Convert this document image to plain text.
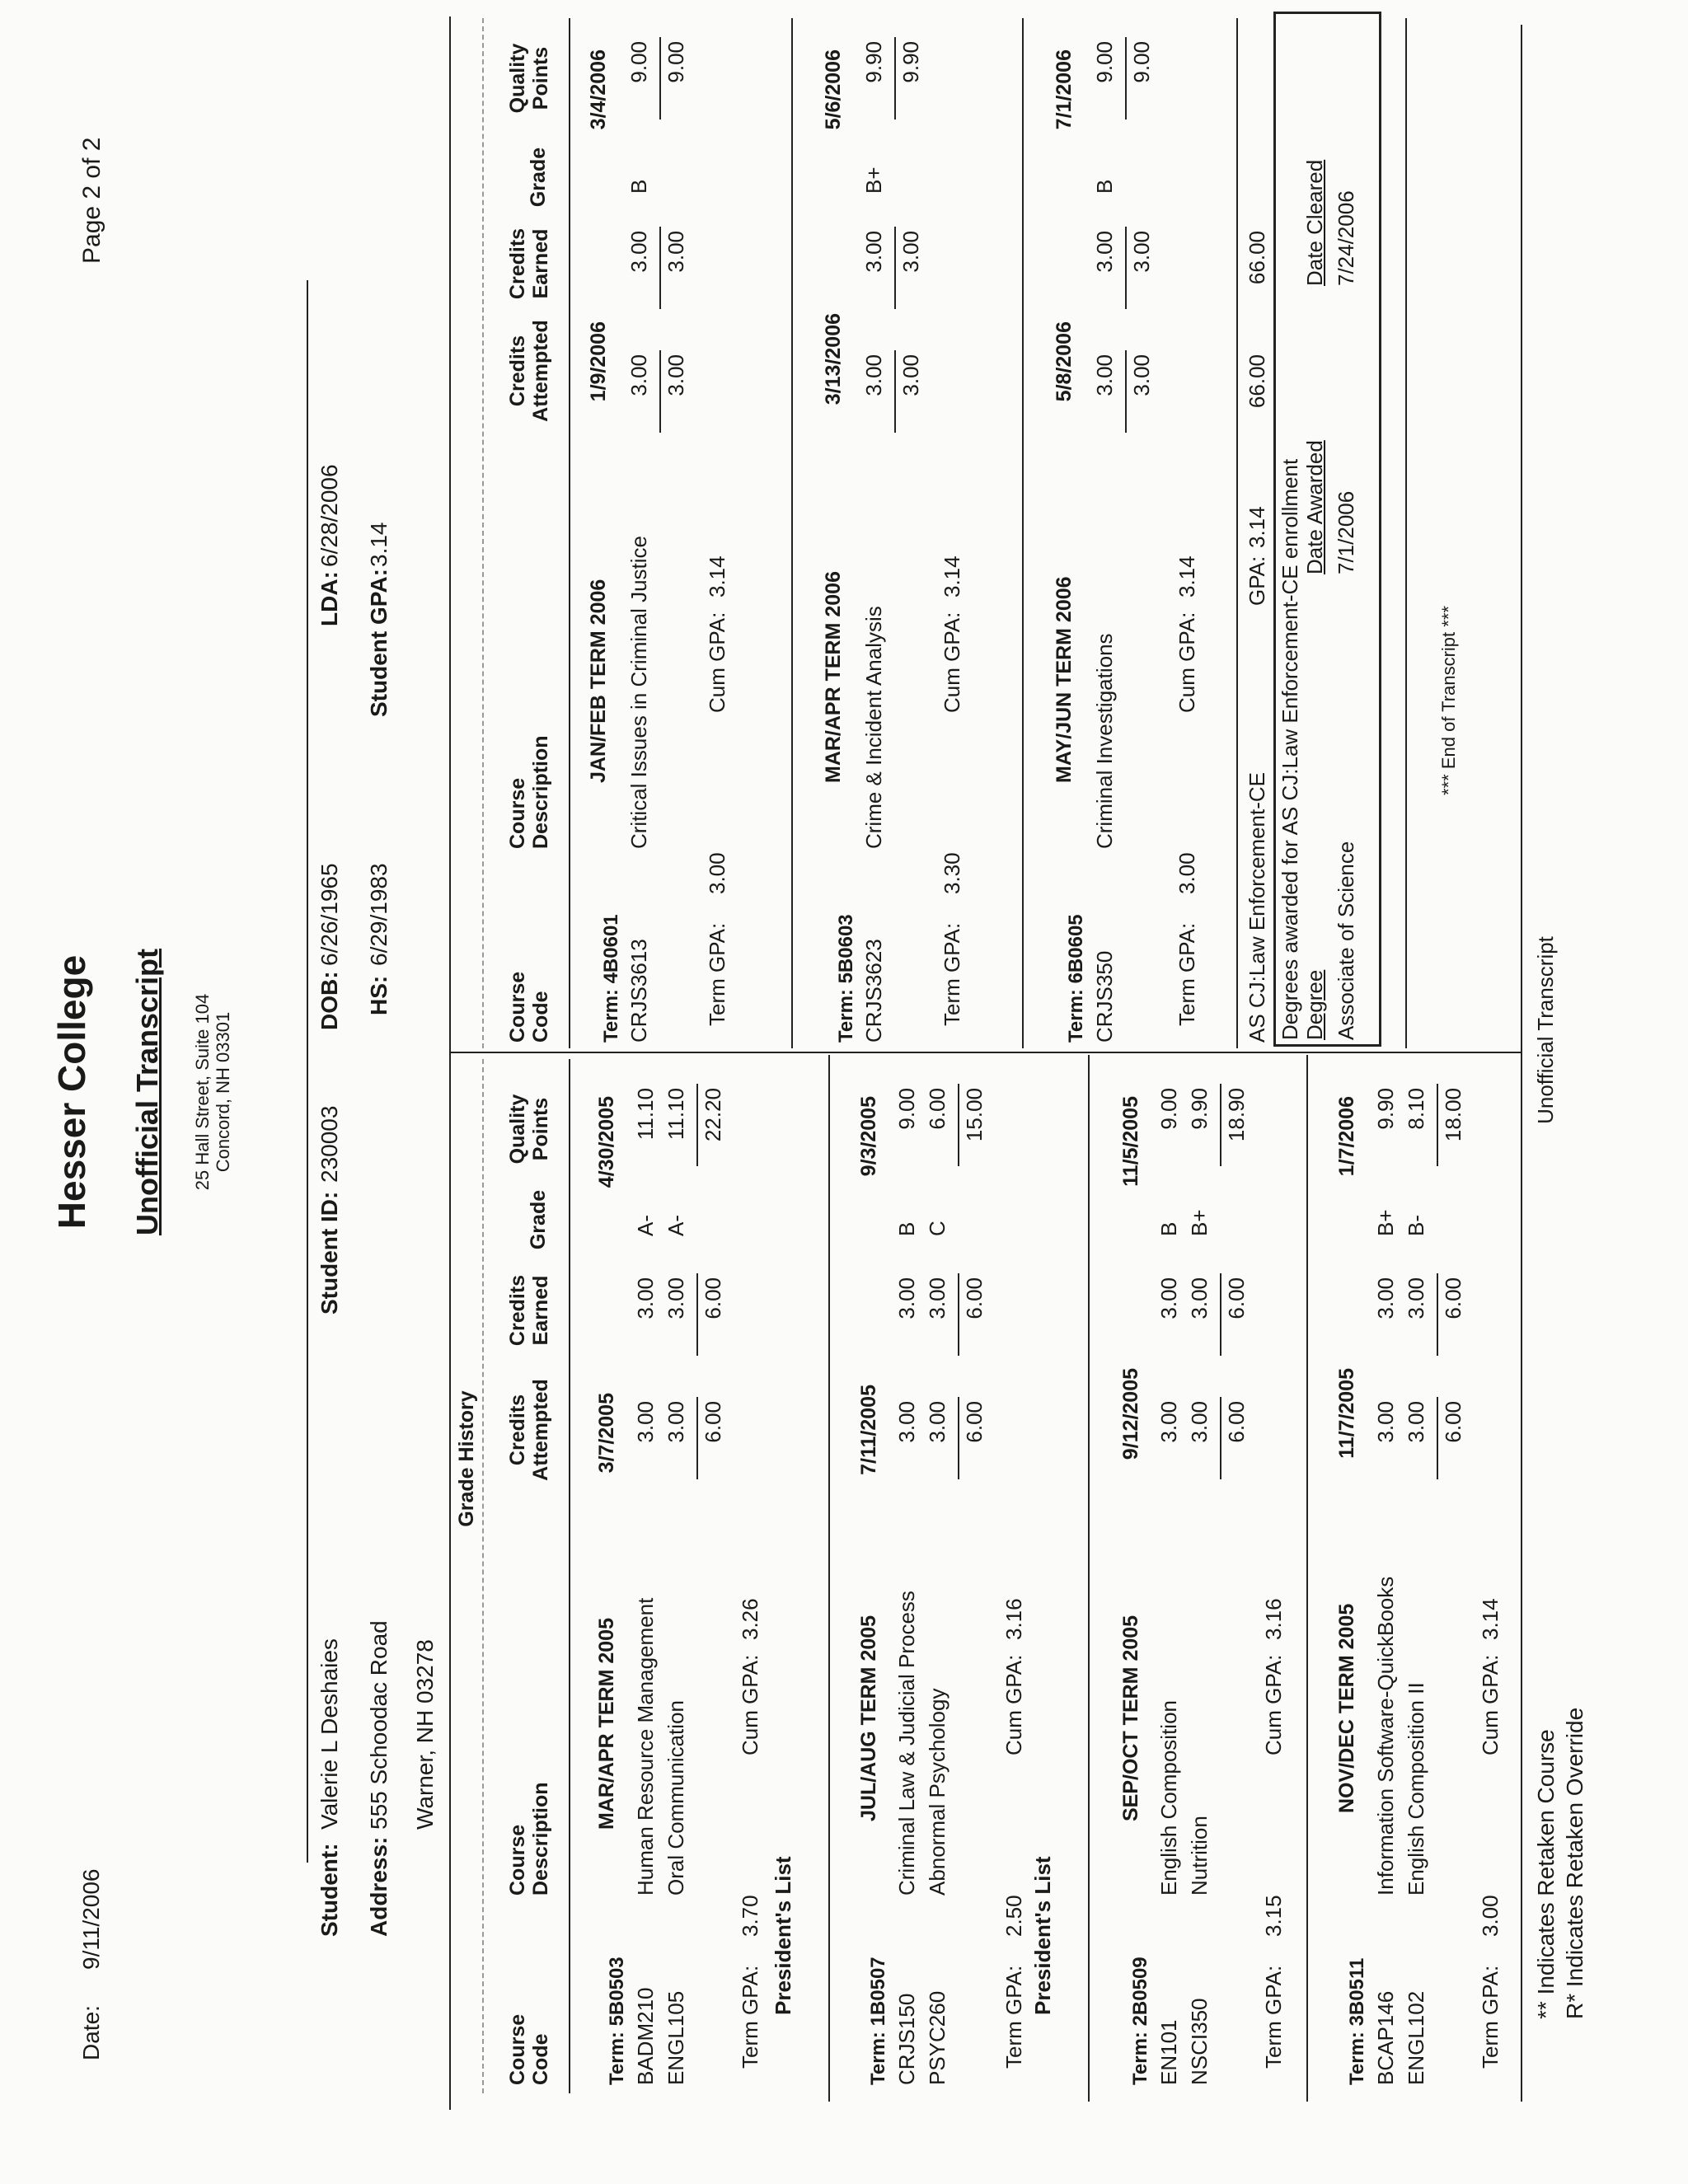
Date:
9/11/2006
Page 2 of 2
Hesser College Unofficial Transcript 25 Hall Street, Suite 104 Concord, NH 03301
Student:
Valerie L Deshaies
Address:
555 Schoodac Road Warner, NH 03278
Student ID:
230003
DOB:
6/26/1965
HS:
6/29/1983
LDA:
6/28/2006
Student GPA:
3.14
Grade History
Course
Code
Course
Description
Credits
Attempted
Credits
Earned
Grade
Quality
Points
Course
Code
Course
Description
Credits
Attempted
Credits
Earned
Grade
Quality
Points
Term: 5B0503
MAR/APR TERM 2005
3/7/2005
4/30/2005
BADM210
Human Resource Management
3.00
3.00
A-
11.10
ENGL105
Oral Communication
3.00
3.00
A-
11.10
6.00
6.00
22.20
Term GPA:
3.70
Cum GPA:
3.26
President's List
Term: 1B0507
JUL/AUG TERM 2005
7/11/2005
9/3/2005
CRJS150
Criminal Law & Judicial Process
3.00
3.00
B
9.00
PSYC260
Abnormal Psychology
3.00
3.00
C
6.00
6.00
6.00
15.00
Term GPA:
2.50
Cum GPA:
3.16
President's List
Term: 2B0509
SEP/OCT TERM 2005
9/12/2005
11/5/2005
EN101
English Composition
3.00
3.00
B
9.00
NSCI350
Nutrition
3.00
3.00
B+
9.90
6.00
6.00
18.90
Term GPA:
3.15
Cum GPA:
3.16
Term: 3B0511
NOV/DEC TERM 2005
11/7/2005
1/7/2006
BCAP146
Information Software-QuickBooks
3.00
3.00
B+
9.90
ENGL102
English Composition II
3.00
3.00
B-
8.10
6.00
6.00
18.00
Term GPA:
3.00
Cum GPA:
3.14
Term: 4B0601
JAN/FEB TERM 2006
1/9/2006
3/4/2006
CRJS3613
Critical Issues in Criminal Justice
3.00
3.00
B
9.00
3.00
3.00
9.00
Term GPA:
3.00
Cum GPA:
3.14
Term: 5B0603
MAR/APR TERM 2006
3/13/2006
5/6/2006
CRJS3623
Crime & Incident Analysis
3.00
3.00
B+
9.90
3.00
3.00
9.90
Term GPA:
3.30
Cum GPA:
3.14
Term: 6B0605
MAY/JUN TERM 2006
5/8/2006
7/1/2006
CRJS350
Criminal Investigations
3.00
3.00
B
9.00
3.00
3.00
9.00
Term GPA:
3.00
Cum GPA:
3.14
AS CJ:Law Enforcement-CE
GPA:
3.14
66.00
66.00
Degrees awarded for AS CJ:Law Enforcement-CE enrollment Degree
Date Awarded
Date Cleared
Associate of Science
7/1/2006
7/24/2006
*** End of Transcript ***
** Indicates Retaken Course R* Indicates Retaken Override
Unofficial Transcript
